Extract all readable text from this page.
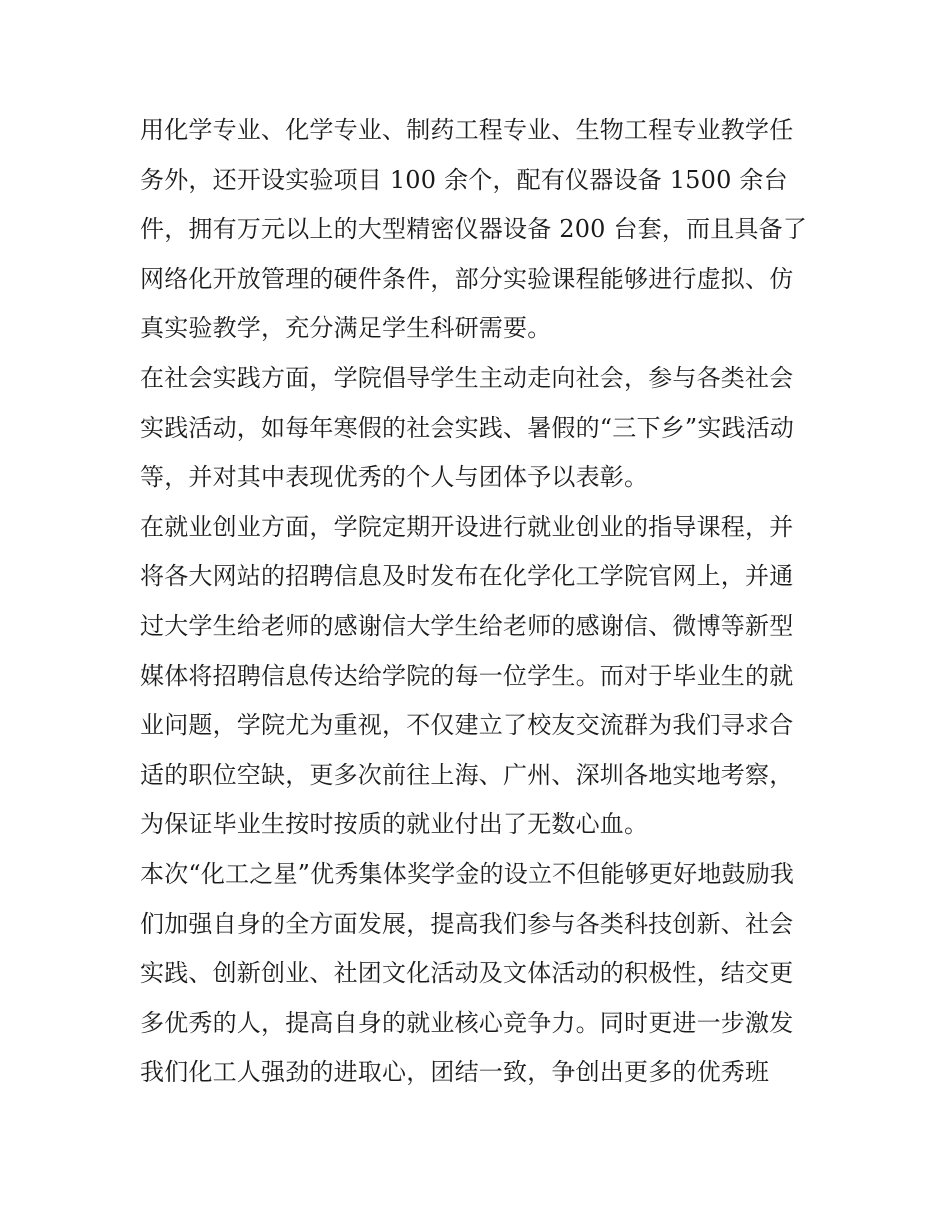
用化学专业、化学专业、制药工程专业、生物工程专业教学任
务外，还开设实验项目 100 余个，配有仪器设备 1500 余台
件，拥有万元以上的大型精密仪器设备 200 台套，而且具备了
网络化开放管理的硬件条件，部分实验课程能够进行虚拟、仿
真实验教学，充分满足学生科研需要。
在社会实践方面，学院倡导学生主动走向社会，参与各类社会
实践活动，如每年寒假的社会实践、暑假的“三下乡”实践活动
等，并对其中表现优秀的个人与团体予以表彰。
在就业创业方面，学院定期开设进行就业创业的指导课程，并
将各大网站的招聘信息及时发布在化学化工学院官网上，并通
过大学生给老师的感谢信大学生给老师的感谢信、微博等新型
媒体将招聘信息传达给学院的每一位学生。而对于毕业生的就
业问题，学院尤为重视，不仅建立了校友交流群为我们寻求合
适的职位空缺，更多次前往上海、广州、深圳各地实地考察，
为保证毕业生按时按质的就业付出了无数心血。
本次“化工之星”优秀集体奖学金的设立不但能够更好地鼓励我
们加强自身的全方面发展，提高我们参与各类科技创新、社会
实践、创新创业、社团文化活动及文体活动的积极性，结交更
多优秀的人，提高自身的就业核心竞争力。同时更进一步激发
我们化工人强劲的进取心，团结一致，争创出更多的优秀班
